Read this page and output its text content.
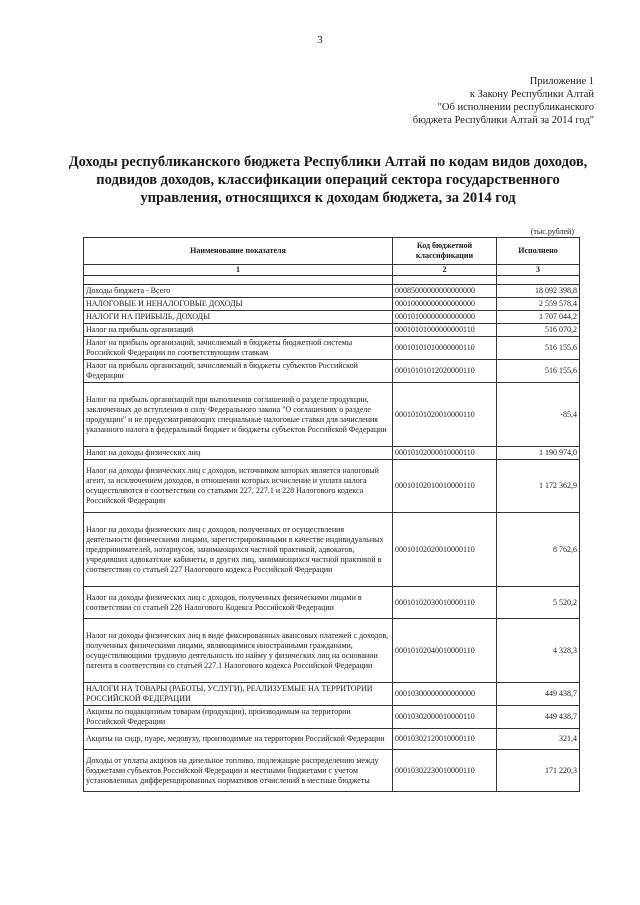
3
Приложение 1
к Закону Республики Алтай
"Об исполнении республиканского
бюджета Республики Алтай за 2014 год"
Доходы республиканского бюджета Республики Алтай по кодам видов доходов, подвидов доходов, классификации операций сектора государственного управления, относящихся к доходам бюджета, за 2014 год
(тыс.рублей)
Наименование показателя	Код бюджетной классификации	Исполнено
1	2	3

Доходы бюджета - Всего	00085000000000000000	18 092 398,8
НАЛОГОВЫЕ И НЕНАЛОГОВЫЕ ДОХОДЫ	00010000000000000000	2 559 578,4
НАЛОГИ НА ПРИБЫЛЬ, ДОХОДЫ	00010100000000000000	1 707 044,2
Налог на прибыль организаций	00010101000000000110	516 070,2
Налог на прибыль организаций, зачисляемый в бюджеты бюджетной системы Российской Федерации по соответствующим ставкам	00010101010000000110	516 155,6
Налог на прибыль организаций, зачисляемый в бюджеты субъектов Российской Федерации	00010101012020000110	516 155,6
Налог на прибыль организаций при выполнении соглашений о разделе продукции, заключенных до вступления в силу Федерального закона "О соглашениях о разделе продукции" и не предусматривающих специальные налоговые ставки для зачисления указанного налога в федеральный бюджет и бюджеты субъектов Российской Федерации	00010101020010000110	-85,4
Налог на доходы физических лиц	00010102000010000110	1 190 974,0
Налог на доходы физических лиц с доходов, источником которых является налоговый агент, за исключением доходов, в отношении которых исчисление и уплата налога осуществляются в соответствии со статьями 227, 227.1 и 228 Налогового кодекса Российской Федерации	00010102010010000110	1 172 362,9
Налог на доходы физических лиц с доходов, полученных от осуществления деятельности физическими лицами, зарегистрированными в качестве индивидуальных предпринимателей, нотариусов, занимающихся частной практикой, адвокатов, учредивших адвокатские кабинеты, и других лиц, занимающихся частной практикой в соответствии со статьей 227 Налогового кодекса Российской Федерации	00010102020010000110	8 762,6
Налог на доходы физических лиц с доходов, полученных физическими лицами в соответствии со статьей 228 Налогового Кодекса Российской Федерации	00010102030010000110	5 520,2
Налог на доходы физических лиц в виде фиксированных авансовых платежей с доходов, полученных физическими лицами, являющимися иностранными гражданами, осуществляющими трудовую деятельность по найму у физических лиц на основании патента в соответствии со статьей 227.1 Налогового кодекса Российской Федерации	00010102040010000110	4 328,3
НАЛОГИ НА ТОВАРЫ (РАБОТЫ, УСЛУГИ), РЕАЛИЗУЕМЫЕ НА ТЕРРИТОРИИ РОССИЙСКОЙ ФЕДЕРАЦИИ	00010300000000000000	449 438,7
Акцизы по подакцизным товарам (продукции), производимым на территории Российской Федерации	00010302000010000110	449 438,7
Акцизы на сидр, пуаре, медовуху, производимые на территории Российской Федерации	00010302120010000110	321,4
Доходы от уплаты акцизов на дизельное топливо, подлежащие распределению между бюджетами субъектов Российской Федерации и местными бюджетами с учетом установленных дифференцированных нормативов отчислений в местные бюджеты	00010302230010000110	171 220,3
